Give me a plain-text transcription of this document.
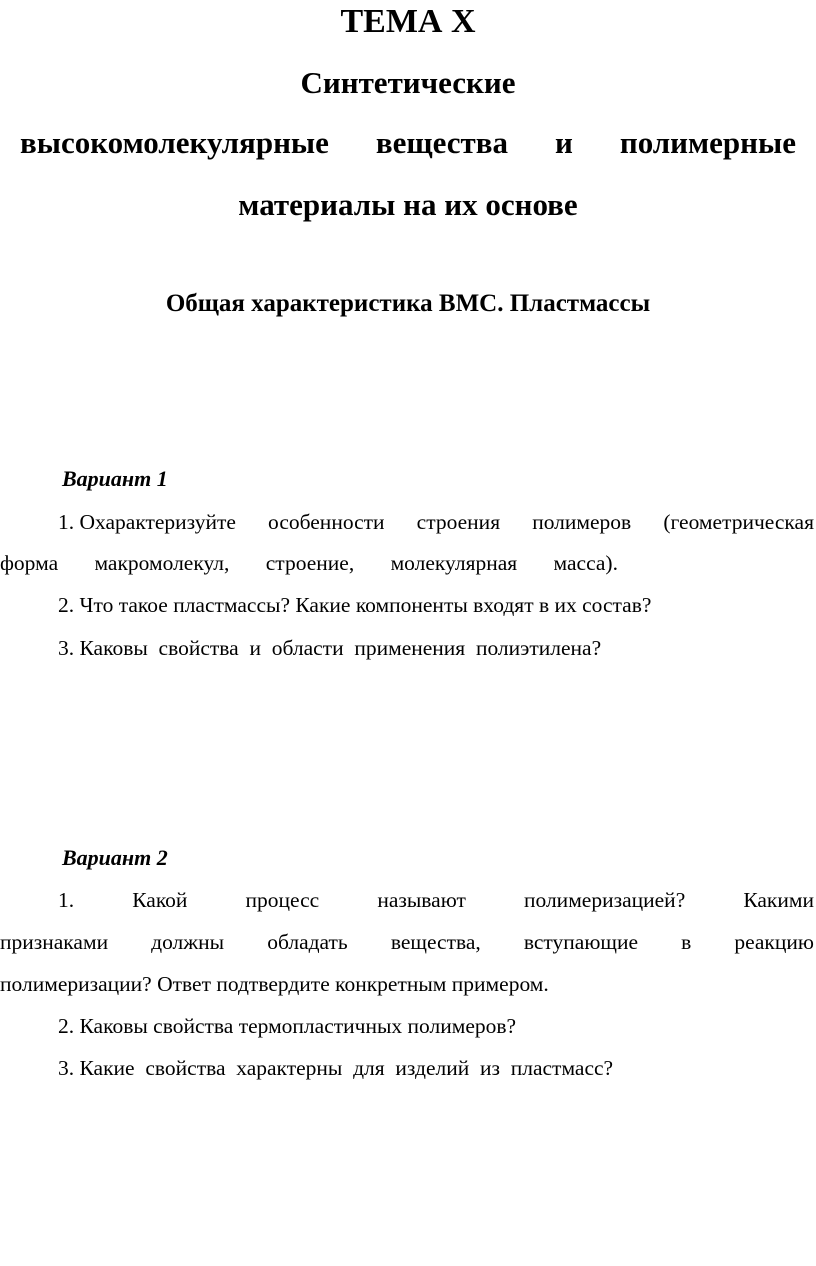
ТЕМА Х
Синтетические
высокомолекулярные вещества и полимерные
материалы на их основе
Общая характеристика ВМС. Пластмассы
Вариант 1
1. Охарактеризуйте особенности строения полимеров (геометрическая
форма макромолекул, строение, молекулярная масса).
2. Что такое пластмассы? Какие компоненты входят в их состав?
3. Каковы  свойства  и  области  применения  полиэтилена?
Вариант 2
1.	Какой	процесс	называют	полимеризацией?	Какими
признаками должны обладать вещества, вступающие в реакцию
полимеризации? Ответ подтвердите конкретным примером.
2. Каковы свойства термопластичных полимеров?
3. Какие  свойства  характерны  для  изделий  из  пластмасс?
